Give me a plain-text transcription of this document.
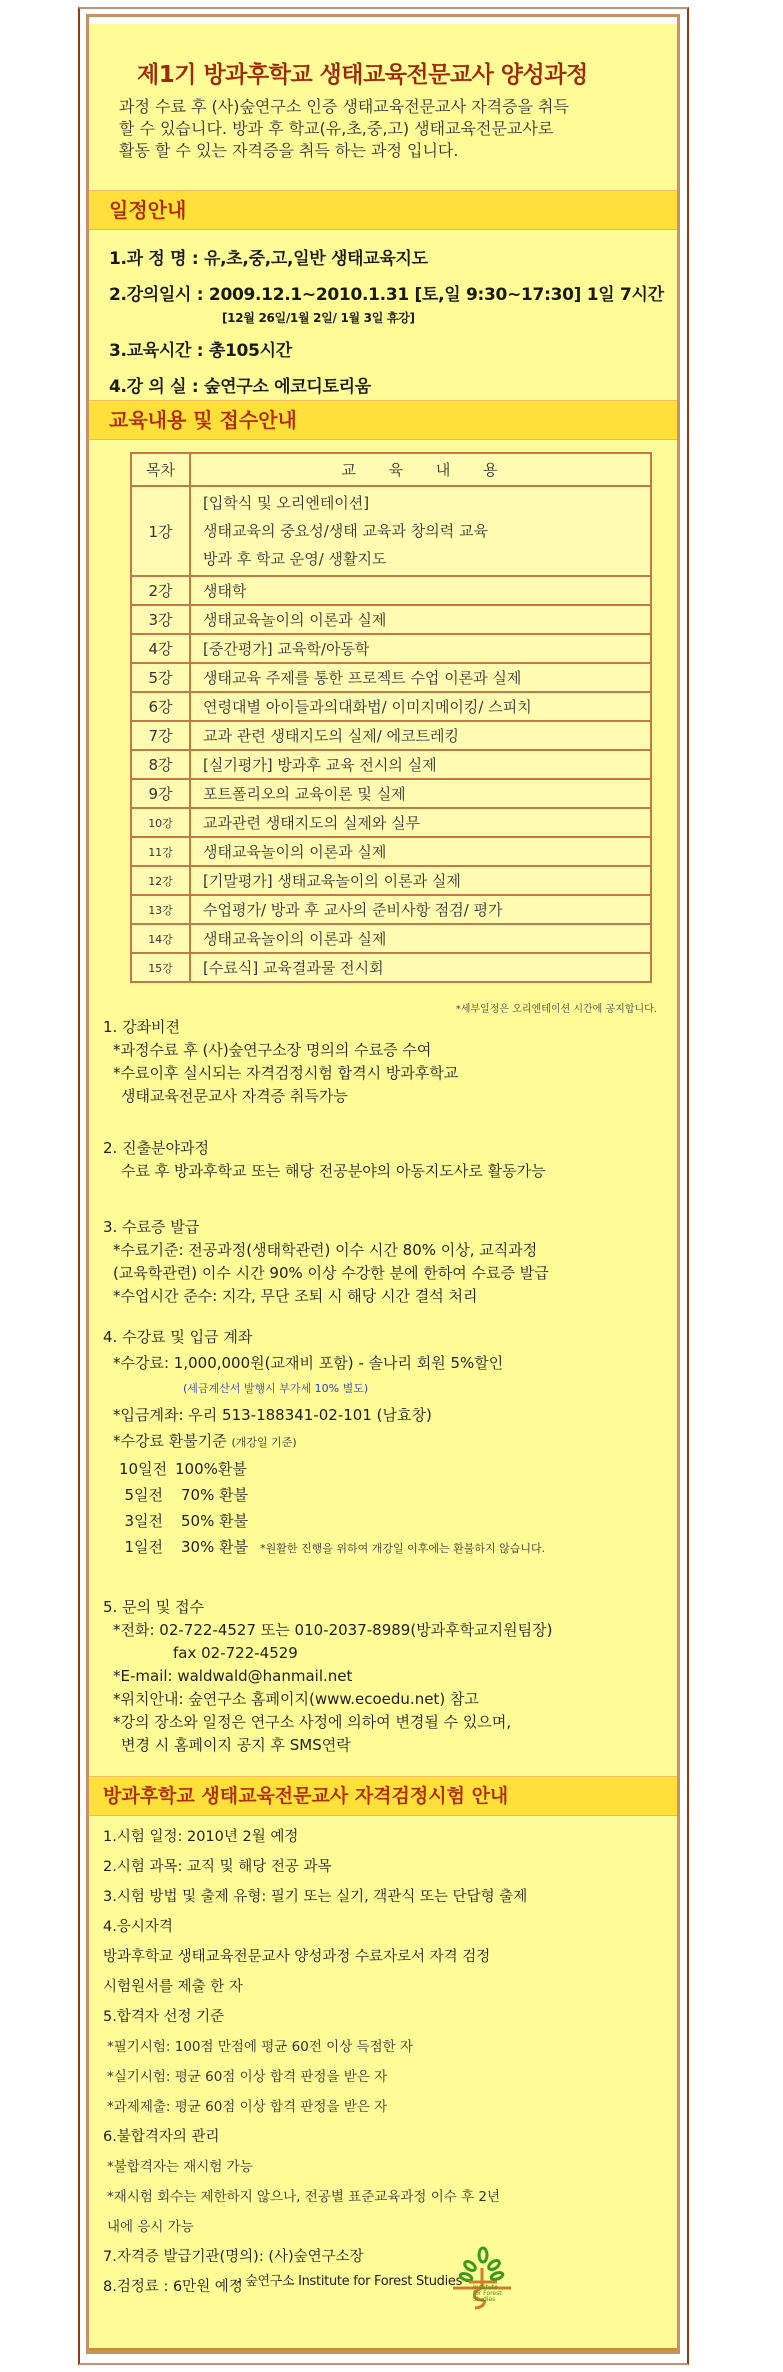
제1기 방과후학교 생태교육전문교사 양성과정
과정 수료 후 (사)숲연구소 인증 생태교육전문교사 자격증을 취득
할 수 있습니다. 방과 후 학교(유,초,중,고) 생태교육전문교사로
활동 할 수 있는 자격증을 취득 하는 과정 입니다.
일정안내
1.과 정 명 : 유,초,중,고,일반 생태교육지도
2.강의일시 : 2009.12.1~2010.1.31 [토,일 9:30~17:30] 1일 7시간
[12월 26일/1월 2일/ 1월 3일 휴강]
3.교육시간 : 총105시간
4.강 의 실 : 숲연구소 에코디토리움
교육내용 및 접수안내
목차	교 육 내 용
1강	[입학식 및 오리엔테이션]
생태교육의 중요성/생태 교육과 창의력 교육
방과 후 학교 운영/ 생활지도

2강	생태학
3강	생태교육놀이의 이론과 실제
4강	[중간평가] 교육학/아동학
5강	생태교육 주제를 통한 프로젝트 수업 이론과 실제
6강	연령대별 아이들과의대화법/ 이미지메이킹/ 스피치
7강	교과 관련 생태지도의 실제/ 에코트레킹
8강	[실기평가] 방과후 교육 전시의 실제
9강	포트폴리오의 교육이론 및 실제
10강	교과관련 생태지도의 실제와 실무
11강	생태교육놀이의 이론과 실제
12강	[기말평가] 생태교육놀이의 이론과 실제
13강	수업평가/ 방과 후 교사의 준비사항 점검/ 평가
14강	생태교육놀이의 이론과 실제
15강	[수료식] 교육결과물 전시회
*세부일정은 오리엔테이션 시간에 공지합니다.
1. 강좌비젼
*과정수료 후 (사)숲연구소장 명의의 수료증 수여
*수료이후 실시되는 자격검정시험 합격시 방과후학교
생태교육전문교사 자격증 취득가능
2. 진출분야과정
수료 후 방과후학교 또는 해당 전공분야의 아동지도사로 활동가능
3. 수료증 발급
*수료기준: 전공과정(생태학관련) 이수 시간 80% 이상, 교직과정
(교육학관련) 이수 시간 90% 이상 수강한 분에 한하여 수료증 발급
*수업시간 준수: 지각, 무단 조퇴 시 해당 시간 결석 처리
4. 수강료 및 입금 계좌
*수강료: 1,000,000원(교재비 포함) - 솔나리 회원 5%할인
(세금계산서 발행시 부가세 10% 별도)
*입금계좌: 우리 513-188341-02-101 (남효창)
*수강료 환불기준 (개강일 기준)
10일전 100%환불
5일전 70% 환불
3일전 50% 환불
1일전 30% 환불 *원활한 진행을 위하여 개강일 이후에는 환불하지 않습니다.
5. 문의 및 접수
*전화: 02-722-4527 또는 010-2037-8989(방과후학교지원팀장)
fax 02-722-4529
*E-mail: waldwald@hanmail.net
*위치안내: 숲연구소 홈페이지(www.ecoedu.net) 참고
*강의 장소와 일정은 연구소 사정에 의하여 변경될 수 있으며,
변경 시 홈페이지 공지 후 SMS연락
방과후학교 생태교육전문교사 자격검정시험 안내
1.시험 일정: 2010년 2월 예정
2.시험 과목: 교직 및 해당 전공 과목
3.시험 방법 및 출제 유형: 필기 또는 실기, 객관식 또는 단답형 출제
4.응시자격
방과후학교 생태교육전문교사 양성과정 수료자로서 자격 검정
시험원서를 제출 한 자
5.합격자 선정 기준
*필기시험: 100점 만점에 평균 60전 이상 득점한 자
*실기시험: 평균 60점 이상 합격 판정을 받은 자
*과제제출: 평균 60점 이상 합격 판정을 받은 자
6.불합격자의 관리
*불합격자는 재시험 가능
*재시험 회수는 제한하지 않으나, 전공별 표준교육과정 이수 후 2년
내에 응시 가능
7.자격증 발급기관(명의): (사)숲연구소장
8.검정료 : 6만원 예정
- 숲연구소 Institute for Forest Studies - Institute
for Forest
Studies
